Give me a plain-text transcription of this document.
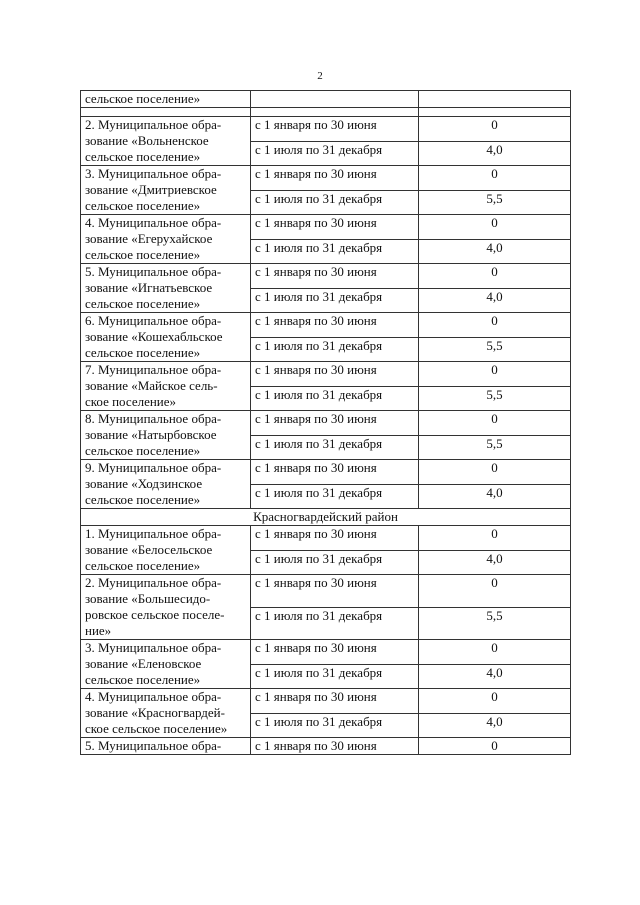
2
сельское поселение»		

2. Муниципальное обра-
зование «Вольненское
сельское поселение»	с 1 января по 30 июня	0
	с 1 июля по 31 декабря	4,0

3. Муниципальное обра-
зование «Дмитриевское
сельское поселение»	с 1 января по 30 июня	0
	с 1 июля по 31 декабря	5,5

4. Муниципальное обра-
зование «Егерухайское
сельское поселение»	с 1 января по 30 июня	0
	с 1 июля по 31 декабря	4,0

5. Муниципальное обра-
зование «Игнатьевское
сельское поселение»	с 1 января по 30 июня	0
	с 1 июля по 31 декабря	4,0

6. Муниципальное обра-
зование «Кошехабльское
сельское поселение»	с 1 января по 30 июня	0
	с 1 июля по 31 декабря	5,5

7. Муниципальное обра-
зование «Майское сель-
ское поселение»	с 1 января по 30 июня	0
	с 1 июля по 31 декабря	5,5

8. Муниципальное обра-
зование «Натырбовское
сельское поселение»	с 1 января по 30 июня	0
	с 1 июля по 31 декабря	5,5

9. Муниципальное обра-
зование «Ходзинское
сельское поселение»	с 1 января по 30 июня	0
	с 1 июля по 31 декабря	4,0
Красногвардейский район		

1. Муниципальное обра-
зование «Белосельское
сельское поселение»	с 1 января по 30 июня	0
	с 1 июля по 31 декабря	4,0

2. Муниципальное обра-
зование «Большесидо-
ровское сельское поселе-
ние»	с 1 января по 30 июня	0
	с 1 июля по 31 декабря	5,5

3. Муниципальное обра-
зование «Еленовское
сельское поселение»	с 1 января по 30 июня	0
	с 1 июля по 31 декабря	4,0

4. Муниципальное обра-
зование «Красногвардей-
ское сельское поселение»	с 1 января по 30 июня	0
	с 1 июля по 31 декабря	4,0
5. Муниципальное обра-	с 1 января по 30 июня	0
